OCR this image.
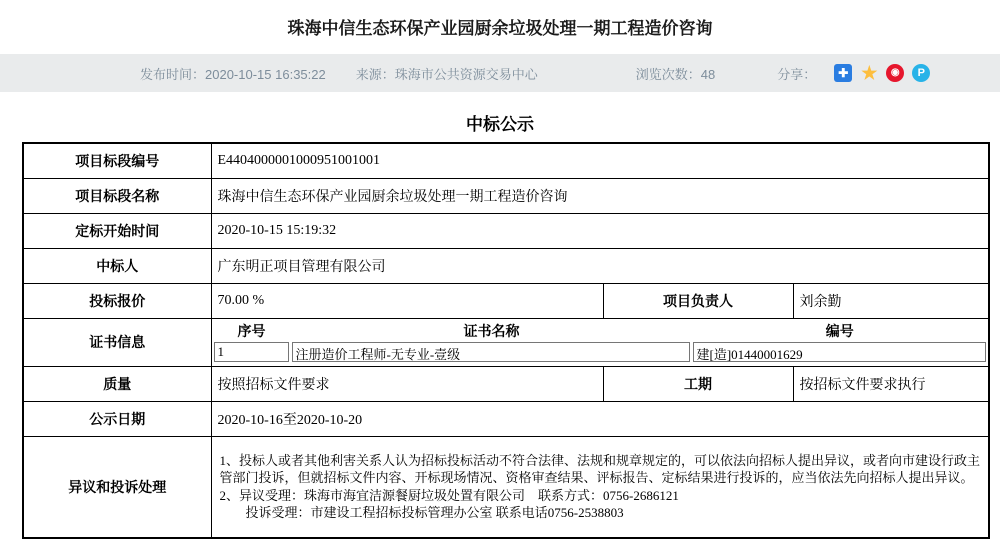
珠海中信生态环保产业园厨余垃圾处理一期工程造价咨询
发布时间：2020-10-15 16:35:22 来源：珠海市公共资源交易中心	浏览次数：48	分享：	✚ ★	◉	P
中标公示
项目标段编号	E4404000001000951001001		
项目标段名称	珠海中信生态环保产业园厨余垃圾处理一期工程造价咨询		
定标开始时间	2020-10-15 15:19:32		
中标人	广东明正项目管理有限公司		
投标报价	70.00 %	项目负责人	刘余勤
证书信息	
序号	证书名称	编号
1	注册造价工程师-无专业-壹级	建[造]01440001629

质量	按照招标文件要求	工期	按招标文件要求执行
公示日期	2020-10-16至2020-10-20		
异议和投诉处理	1、投标人或者其他利害关系人认为招标投标活动不符合法律、法规和规章规定的，可以依法向招标人提出异议，或者向市建设行政主管部门投诉，但就招标文件内容、开标现场情况、资格审查结果、评标报告、定标结果进行投诉的，应当依法先向招标人提出异议。
2、异议受理：珠海市海宜洁源餐厨垃圾处置有限公司　联系方式：0756-2686121
投诉受理：市建设工程招标投标管理办公室 联系电话0756-2538803		
